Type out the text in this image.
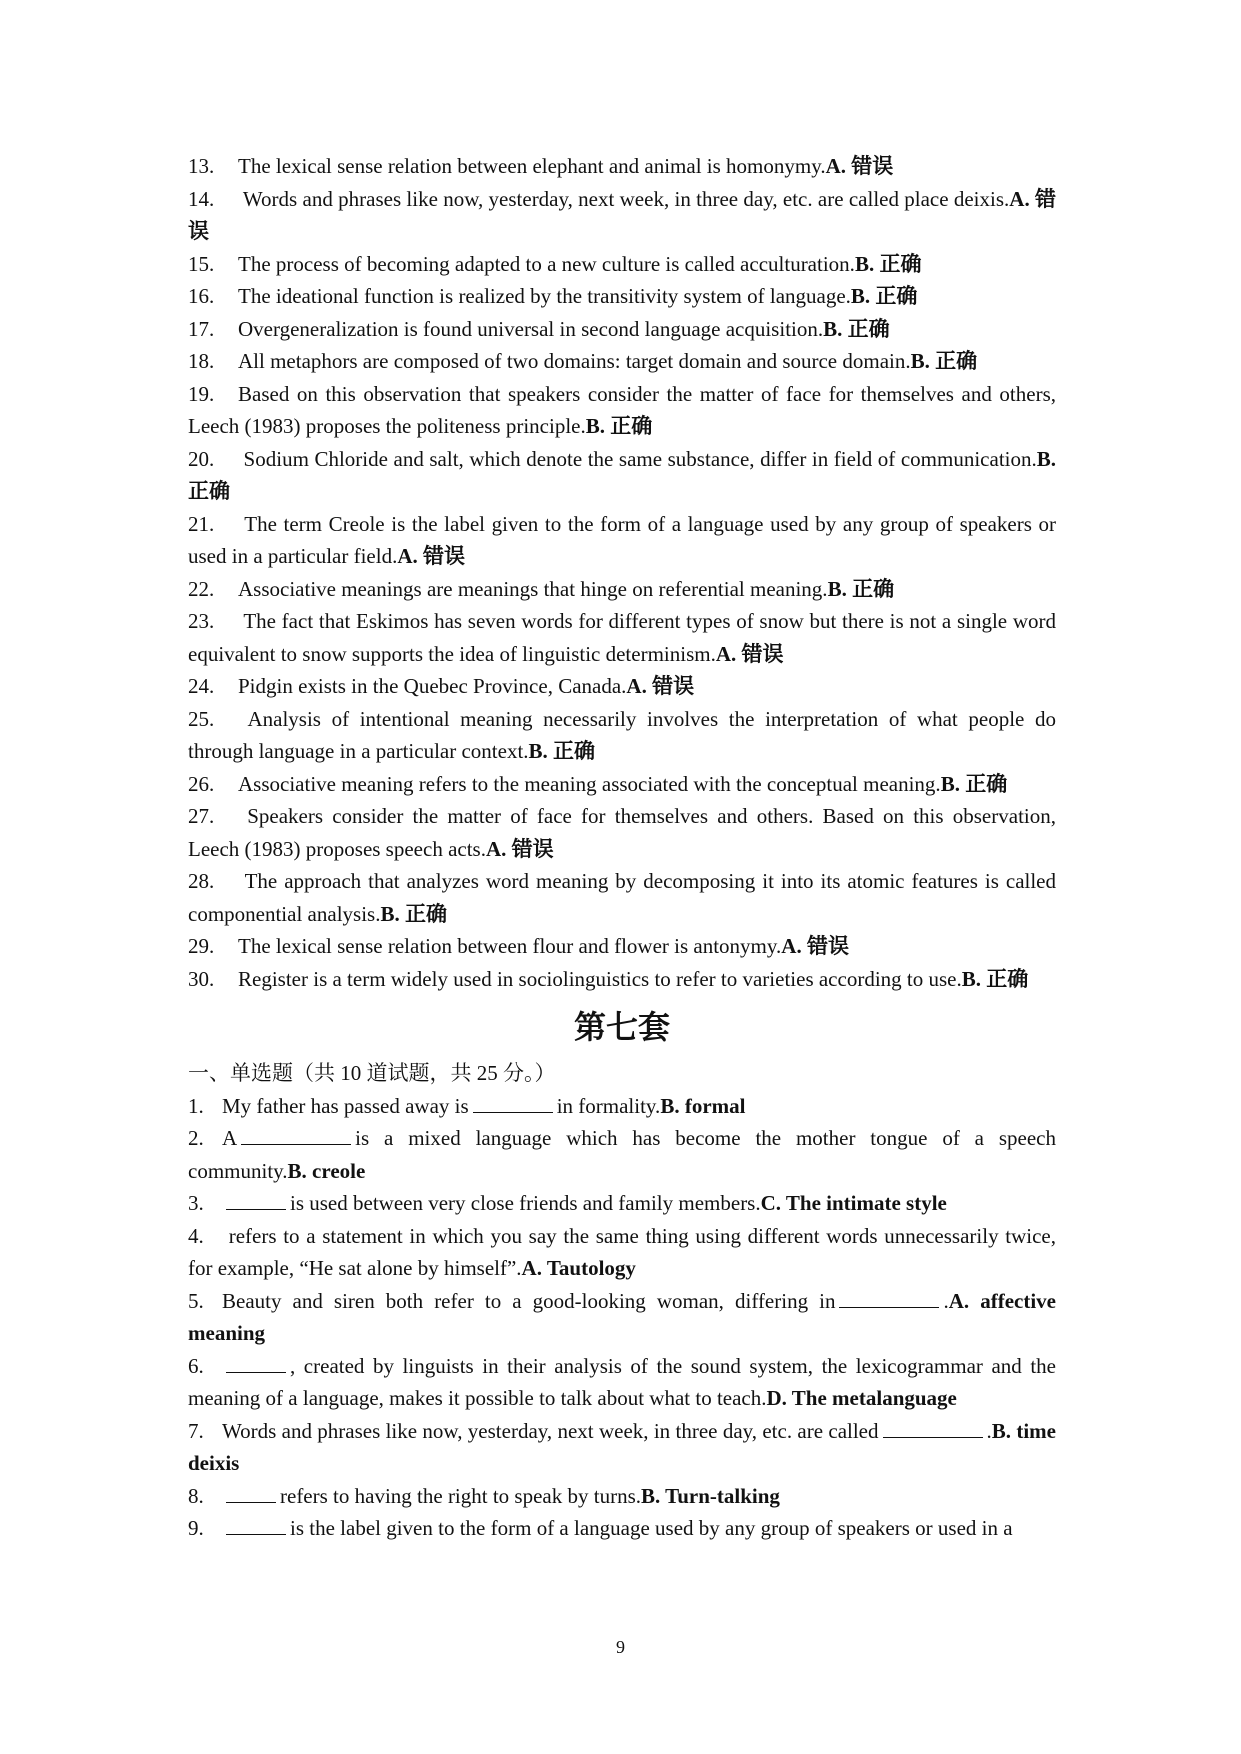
13. The lexical sense relation between elephant and animal is homonymy.A. 错误

14. Words and phrases like now, yesterday, next week, in three day, etc. are called place deixis.A. 错误

15. The process of becoming adapted to a new culture is called acculturation.B. 正确

16. The ideational function is realized by the transitivity system of language.B. 正确

17. Overgeneralization is found universal in second language acquisition.B. 正确

18. All metaphors are composed of two domains: target domain and source domain.B. 正确

19. Based on this observation that speakers consider the matter of face for themselves and others, Leech (1983) proposes the politeness principle.B. 正确

20. Sodium Chloride and salt, which denote the same substance, differ in field of communication.B. 正确

21. The term Creole is the label given to the form of a language used by any group of speakers or used in a particular field.A. 错误

22. Associative meanings are meanings that hinge on referential meaning.B. 正确

23. The fact that Eskimos has seven words for different types of snow but there is not a single word equivalent to snow supports the idea of linguistic determinism.A. 错误

24. Pidgin exists in the Quebec Province, Canada.A. 错误

25. Analysis of intentional meaning necessarily involves the interpretation of what people do through language in a particular context.B. 正确

26. Associative meaning refers to the meaning associated with the conceptual meaning.B. 正确

27. Speakers consider the matter of face for themselves and others. Based on this observation, Leech (1983) proposes speech acts.A. 错误

28. The approach that analyzes word meaning by decomposing it into its atomic features is called componential analysis.B. 正确

29. The lexical sense relation between flour and flower is antonymy.A. 错误

30. Register is a term widely used in sociolinguistics to refer to varieties according to use.B. 正确

第七套

一、单选题（共 10 道试题，共 25 分。）

1. My father has passed away is	in formality.B. formal

2. A	is a mixed language which has become the mother tongue of a speech community.B. creole

3.	is used between very close friends and family members.C. The intimate style

4. refers to a statement in which you say the same thing using different words unnecessarily twice, for example, “He sat alone by himself”.A. Tautology

5. Beauty and siren both refer to a good-looking woman, differing in	.A. affective meaning

6.	, created by linguists in their analysis of the sound system, the lexicogrammar and the meaning of a language, makes it possible to talk about what to teach.D. The metalanguage

7. Words and phrases like now, yesterday, next week, in three day, etc. are called	.B. time deixis

8.	refers to having the right to speak by turns.B. Turn-talking

9.	is the label given to the form of a language used by any group of speakers or used in a

9
